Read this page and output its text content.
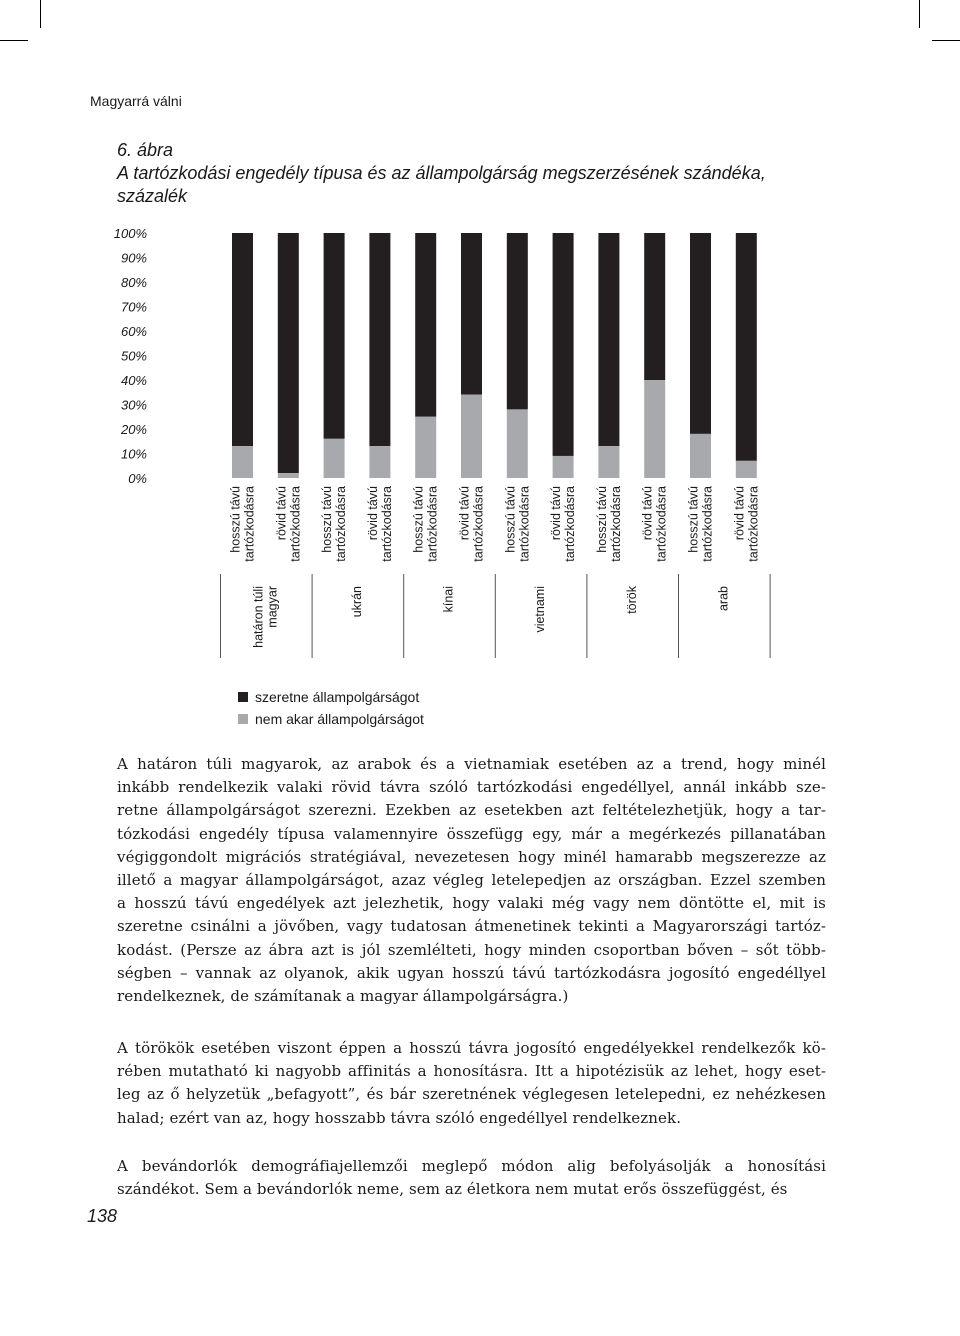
Magyarrá válni
6. ábra
A tartózkodási engedély típusa és az állampolgárság megszerzésének szándéka, százalék
100%
90%
80%
70%
60%
50%
40%
30%
20%
10%
0%
hosszú távútartózkodásra rövid távútartózkodásra hosszú távútartózkodásra rövid távútartózkodásra hosszú távútartózkodásra rövid távútartózkodásra hosszú távútartózkodásra rövid távútartózkodásra hosszú távútartózkodásra rövid távútartózkodásra hosszú távútartózkodásra rövid távútartózkodásra
határon túlimagyar	ukrán	kínai	vietnami	török	arab
szeretne állampolgárságot
nem akar állampolgárságot
A határon túli magyarok, az arabok és a vietnamiak esetében az a trend, hogy minél
inkább rendelkezik valaki rövid távra szóló tartózkodási engedéllyel, annál inkább sze-
retne állampolgárságot szerezni. Ezekben az esetekben azt feltételezhetjük, hogy a tar-
tózkodási engedély típusa valamennyire összefügg egy, már a megérkezés pillanatában
végiggondolt migrációs stratégiával, nevezetesen hogy minél hamarabb megszerezze az
illető a magyar állampolgárságot, azaz végleg letelepedjen az országban. Ezzel szemben
a hosszú távú engedélyek azt jelezhetik, hogy valaki még vagy nem döntötte el, mit is
szeretne csinálni a jövőben, vagy tudatosan átmenetinek tekinti a Magyarországi tartóz-
kodást. (Persze az ábra azt is jól szemlélteti, hogy minden csoportban bőven – sőt több-
ségben – vannak az olyanok, akik ugyan hosszú távú tartózkodásra jogosító engedéllyel
rendelkeznek, de számítanak a magyar állampolgárságra.)
A törökök esetében viszont éppen a hosszú távra jogosító engedélyekkel rendelkezők kö-
rében mutatható ki nagyobb affinitás a honosításra. Itt a hipotézisük az lehet, hogy eset-
leg az ő helyzetük „befagyott”, és bár szeretnének véglegesen letelepedni, ez nehézkesen
halad; ezért van az, hogy hosszabb távra szóló engedéllyel rendelkeznek.
A bevándorlók demográfiajellemzői meglepő módon alig befolyásolják a honosítási
szándékot. Sem a bevándorlók neme, sem az életkora nem mutat erős összefüggést, és
138
